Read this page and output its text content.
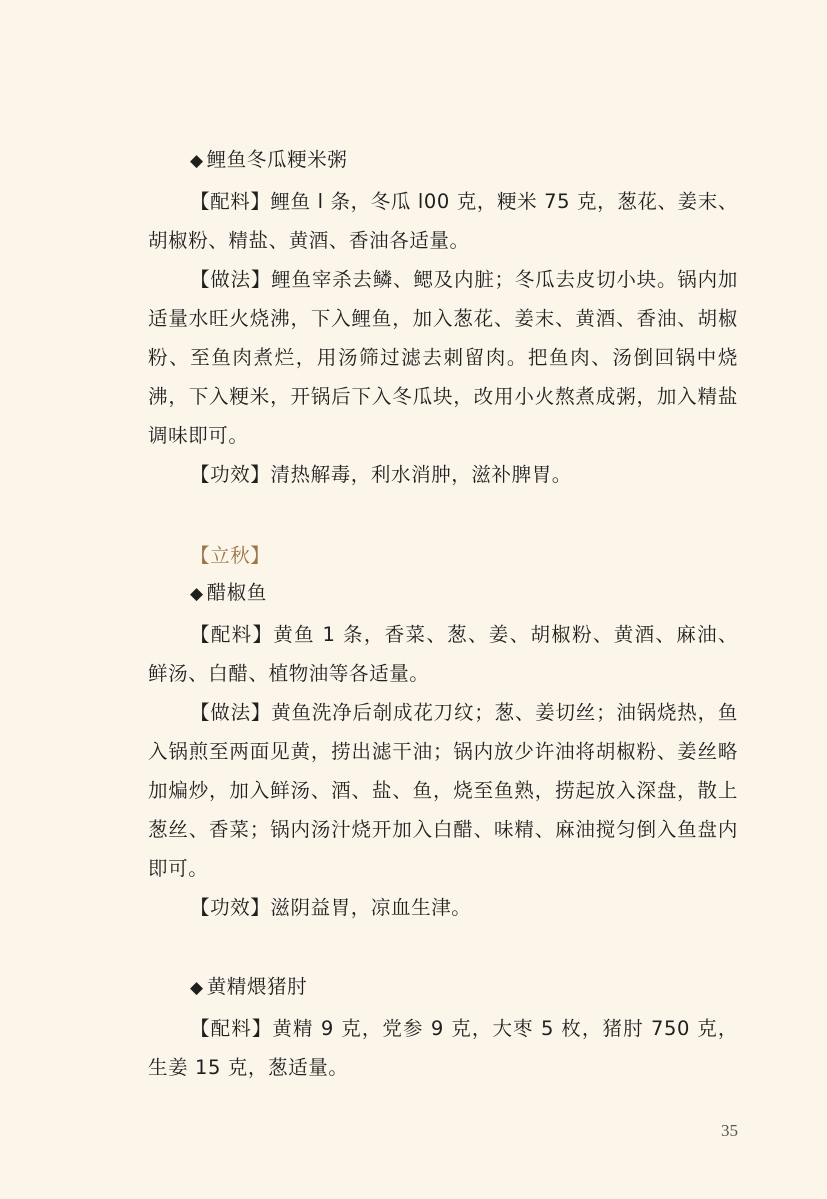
◆ 鲤鱼冬瓜粳米粥

【配料】鲤鱼 l 条，冬瓜 l00 克，粳米 75 克，葱花、姜末、胡椒粉、精盐、黄酒、香油各适量。

【做法】鲤鱼宰杀去鳞、鳃及内脏；冬瓜去皮切小块。锅内加适量水旺火烧沸，下入鲤鱼，加入葱花、姜末、黄酒、香油、胡椒粉、至鱼肉煮烂，用汤筛过滤去刺留肉。把鱼肉、汤倒回锅中烧沸，下入粳米，开锅后下入冬瓜块，改用小火熬煮成粥，加入精盐调味即可。

【功效】清热解毒，利水消肿，滋补脾胃。

【立秋】

◆ 醋椒鱼

【配料】黄鱼 1 条，香菜、葱、姜、胡椒粉、黄酒、麻油、鲜汤、白醋、植物油等各适量。

【做法】黄鱼洗净后剞成花刀纹；葱、姜切丝；油锅烧热，鱼入锅煎至两面见黄，捞出滤干油；锅内放少许油将胡椒粉、姜丝略加煸炒，加入鲜汤、酒、盐、鱼，烧至鱼熟，捞起放入深盘，散上葱丝、香菜；锅内汤汁烧开加入白醋、味精、麻油搅匀倒入鱼盘内即可。

【功效】滋阴益胃，凉血生津。

◆ 黄精煨猪肘

【配料】黄精 9 克，党参 9 克，大枣 5 枚，猪肘 750 克，生姜 15 克，葱适量。

35
